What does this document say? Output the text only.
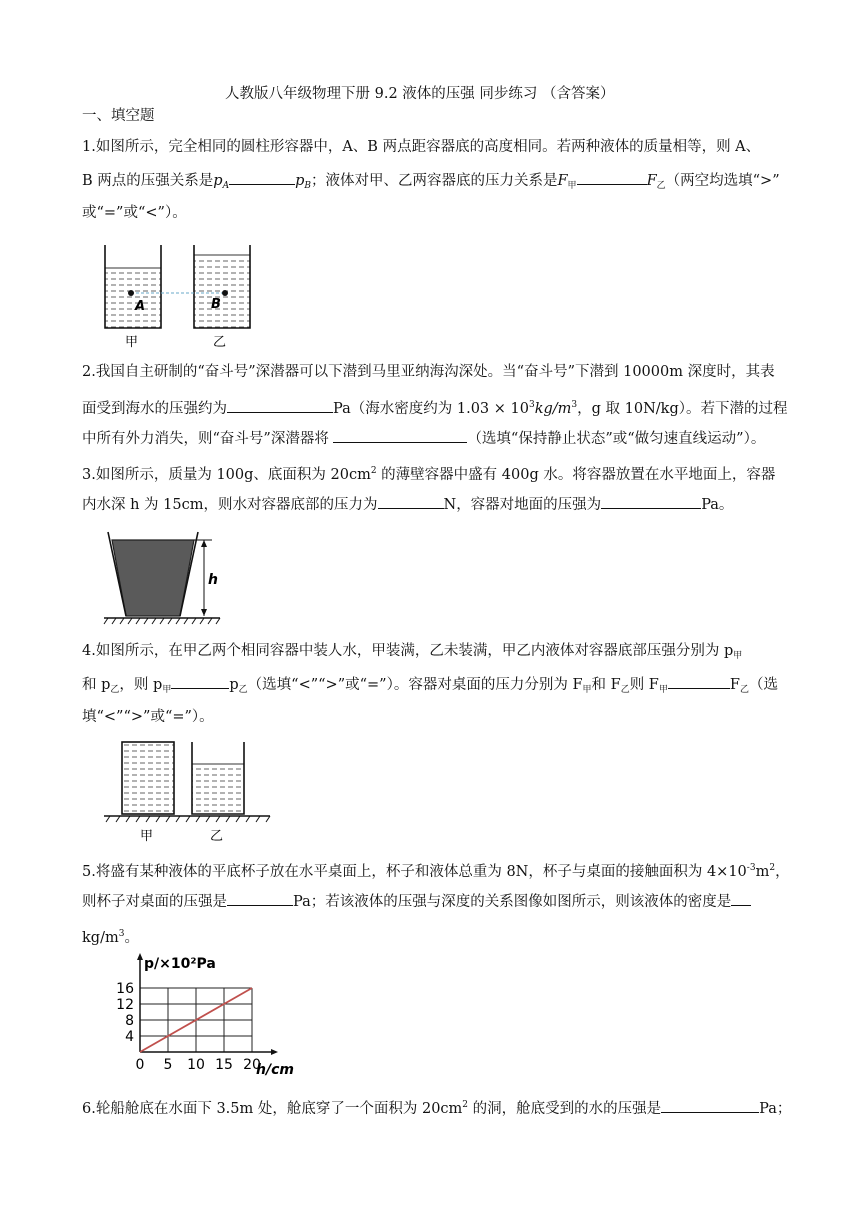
人教版八年级物理下册 9.2 液体的压强 同步练习 （含答案）
一、填空题
1.如图所示，完全相同的圆柱形容器中，A、B 两点距容器底的高度相同。若两种液体的质量相等，则 A、
B 两点的压强关系是$p_A$	$p_B$；液体对甲、乙两容器底的压力关系是$F_甲$	$F_乙$（两空均选填“>”
或“=”或“<”）。
A	B
甲	乙
2.我国自主研制的“奋斗号”深潜器可以下潜到马里亚纳海沟深处。当“奋斗号”下潜到 10000m 深度时，其表
面受到海水的压强约为	Pa（海水密度约为 $1.03 \times 10^3kg/m^3$，g 取 10N/kg）。若下潜的过程
中所有外力消失，则“奋斗号”深潜器将	（选填“保持静止状态”或“做匀速直线运动”）。
3.如图所示，质量为 100g、底面积为 $20cm^2$ 的薄壁容器中盛有 400g 水。将容器放置在水平地面上，容器
内水深 h 为 15cm，则水对容器底部的压力为	N，容器对地面的压强为	Pa。
h
4.如图所示，在甲乙两个相同容器中装人水，甲装满，乙未装满，甲乙内液体对容器底部压强分别为 $p_甲$
和 $p_乙$，则 $p_甲$	$p_乙$（选填“<”“>”或“=”）。容器对桌面的压力分别为 $F_甲$和 $F_乙$则 $F_甲$	$F_乙$（选
填“<”“>”或“=”）。
甲	乙
5.将盛有某种液体的平底杯子放在水平桌面上，杯子和液体总重为 8N，杯子与桌面的接触面积为 $4\times 10^{-3}m^2$，
则杯子对桌面的压强是	Pa；若该液体的压强与深度的关系图像如图所示，则该液体的密度是
$kg/m^3$。
0 5 10 15 20
4
8
12
16
p/×10²Pa
h/cm
6.轮船舱底在水面下 3.5m 处，舱底穿了一个面积为 $20cm^2$ 的洞，舱底受到的水的压强是	Pa；
